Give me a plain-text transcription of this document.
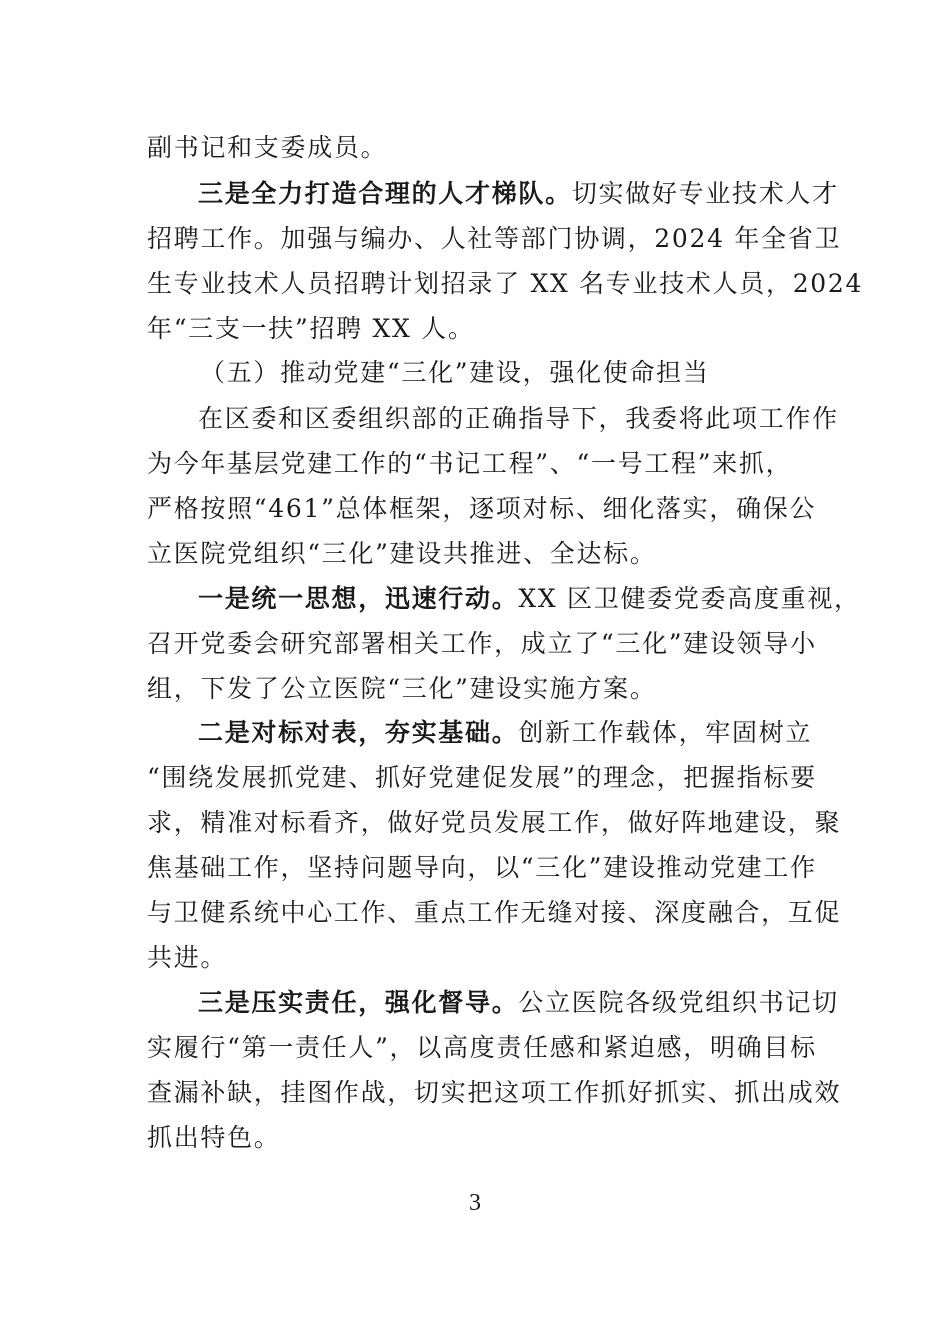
副书记和支委成员。
三是全力打造合理的人才梯队。切实做好专业技术人才
招聘工作。加强与编办、人社等部门协调，2024 年全省卫
生专业技术人员招聘计划招录了 XX 名专业技术人员，2024
年“三支一扶”招聘 XX 人。
（五）推动党建“三化”建设，强化使命担当
在区委和区委组织部的正确指导下，我委将此项工作作
为今年基层党建工作的“书记工程”、“一号工程”来抓，
严格按照“461”总体框架，逐项对标、细化落实，确保公
立医院党组织“三化”建设共推进、全达标。
一是统一思想，迅速行动。XX 区卫健委党委高度重视，
召开党委会研究部署相关工作，成立了“三化”建设领导小
组，下发了公立医院“三化”建设实施方案。
二是对标对表，夯实基础。创新工作载体，牢固树立
“围绕发展抓党建、抓好党建促发展”的理念，把握指标要
求，精准对标看齐，做好党员发展工作，做好阵地建设，聚
焦基础工作，坚持问题导向，以“三化”建设推动党建工作
与卫健系统中心工作、重点工作无缝对接、深度融合，互促
共进。
三是压实责任，强化督导。公立医院各级党组织书记切
实履行“第一责任人”，以高度责任感和紧迫感，明确目标
查漏补缺，挂图作战，切实把这项工作抓好抓实、抓出成效
抓出特色。
3
